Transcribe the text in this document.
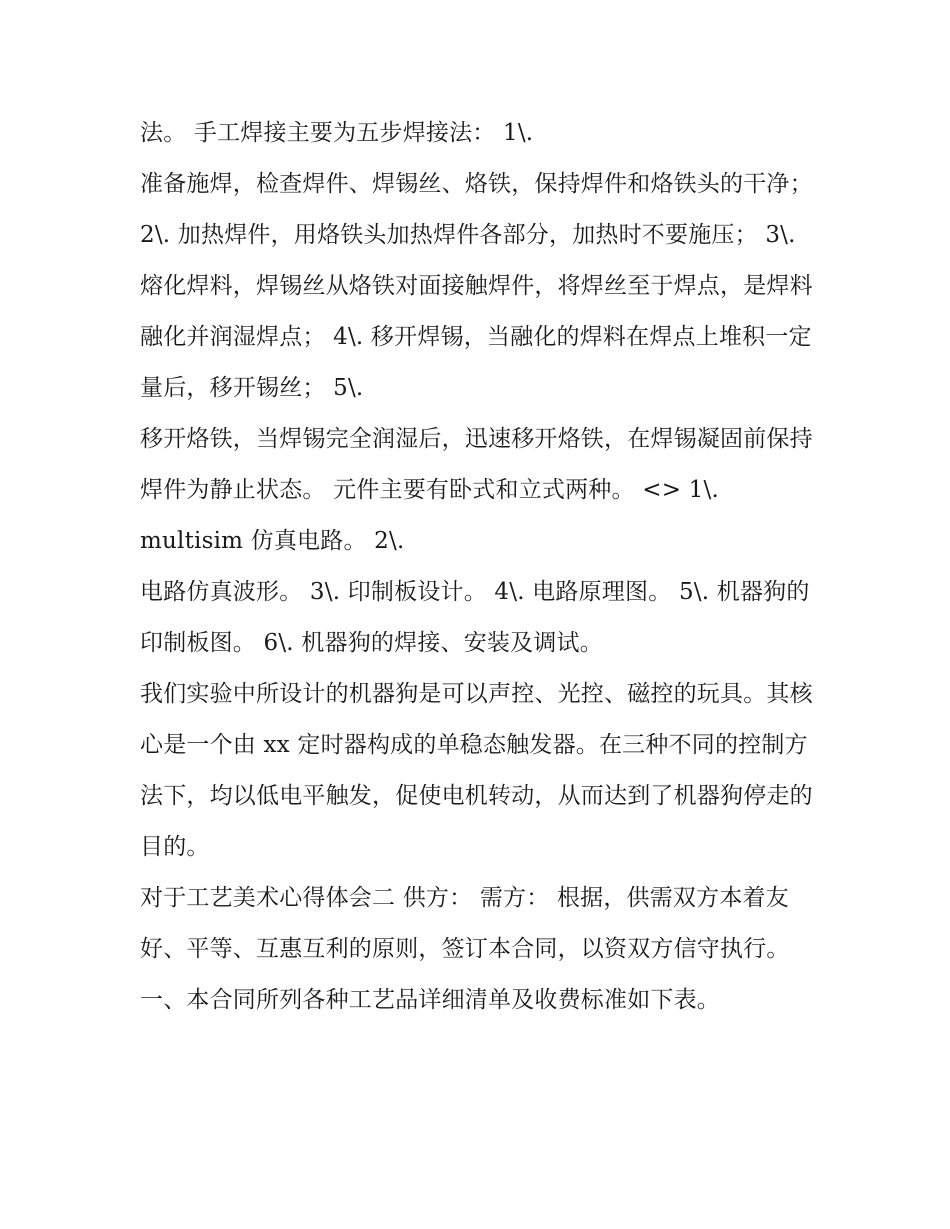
法。 手工焊接主要为五步焊接法： 1\.

准备施焊，检查焊件、焊锡丝、烙铁，保持焊件和烙铁头的干净； 2\. 加热焊件，用烙铁头加热焊件各部分，加热时不要施压； 3\.

熔化焊料，焊锡丝从烙铁对面接触焊件，将焊丝至于焊点，是焊料融化并润湿焊点； 4\. 移开焊锡，当融化的焊料在焊点上堆积一定量后，移开锡丝； 5\.

移开烙铁，当焊锡完全润湿后，迅速移开烙铁，在焊锡凝固前保持焊件为静止状态。 元件主要有卧式和立式两种。 <> 1\.

multisim 仿真电路。 2\.

电路仿真波形。 3\. 印制板设计。 4\. 电路原理图。 5\. 机器狗的印制板图。 6\. 机器狗的焊接、安装及调试。

我们实验中所设计的机器狗是可以声控、光控、磁控的玩具。其核心是一个由 xx 定时器构成的单稳态触发器。在三种不同的控制方法下，均以低电平触发，促使电机转动，从而达到了机器狗停走的目的。

对于工艺美术心得体会二 供方： 需方： 根据，供需双方本着友好、平等、互惠互利的原则，签订本合同，以资双方信守执行。

一、本合同所列各种工艺品详细清单及收费标准如下表。
